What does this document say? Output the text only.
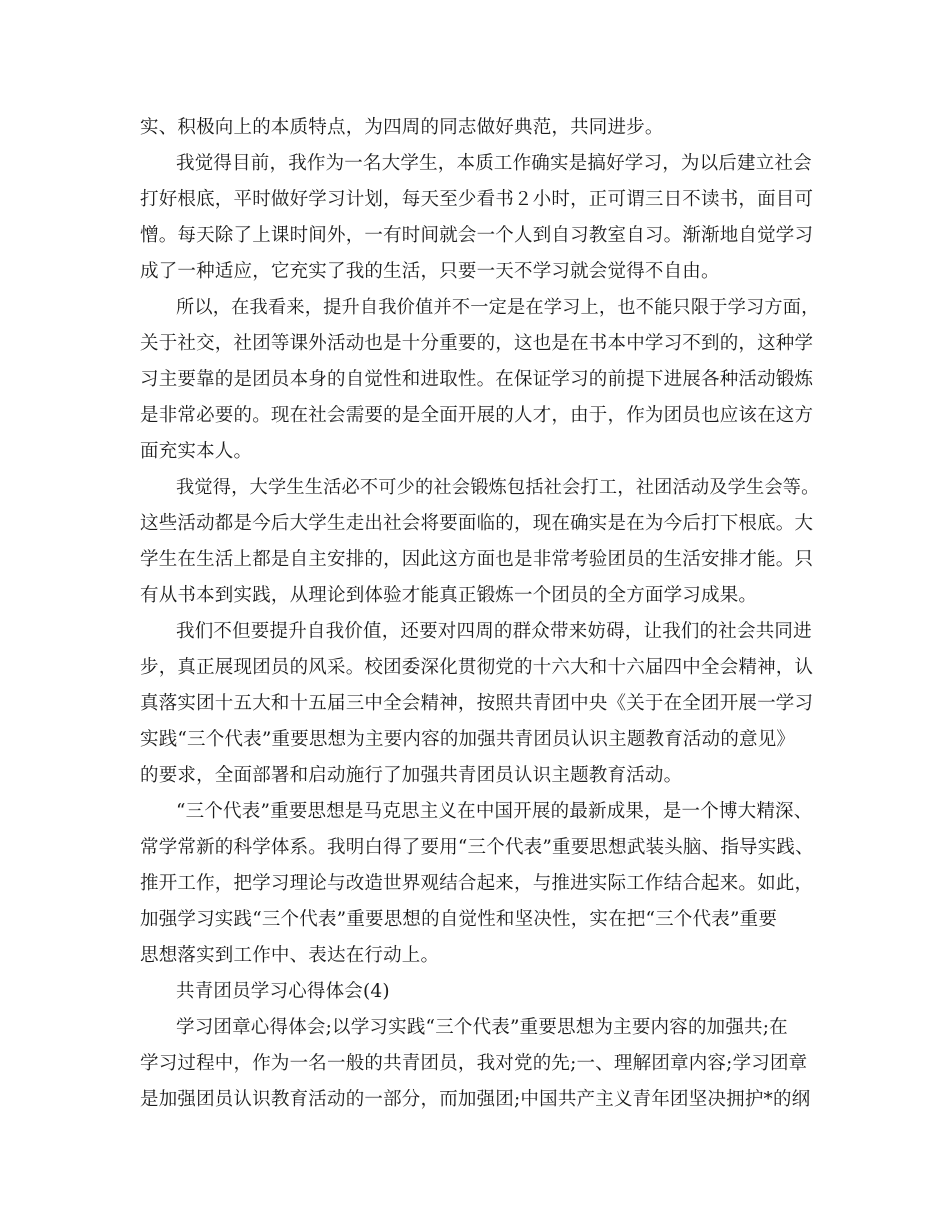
实、积极向上的本质特点，为四周的同志做好典范，共同进步。
我觉得目前，我作为一名大学生，本质工作确实是搞好学习，为以后建立社会
打好根底，平时做好学习计划，每天至少看书２小时，正可谓三日不读书，面目可
憎。每天除了上课时间外，一有时间就会一个人到自习教室自习。渐渐地自觉学习
成了一种适应，它充实了我的生活，只要一天不学习就会觉得不自由。
所以，在我看来，提升自我价值并不一定是在学习上，也不能只限于学习方面，
关于社交，社团等课外活动也是十分重要的，这也是在书本中学习不到的，这种学
习主要靠的是团员本身的自觉性和进取性。在保证学习的前提下进展各种活动锻炼
是非常必要的。现在社会需要的是全面开展的人才，由于，作为团员也应该在这方
面充实本人。
我觉得，大学生生活必不可少的社会锻炼包括社会打工，社团活动及学生会等。
这些活动都是今后大学生走出社会将要面临的，现在确实是在为今后打下根底。大
学生在生活上都是自主安排的，因此这方面也是非常考验团员的生活安排才能。只
有从书本到实践，从理论到体验才能真正锻炼一个团员的全方面学习成果。
我们不但要提升自我价值，还要对四周的群众带来妨碍，让我们的社会共同进
步，真正展现团员的风采。校团委深化贯彻党的十六大和十六届四中全会精神，认
真落实团十五大和十五届三中全会精神，按照共青团中央《关于在全团开展一学习
实践“三个代表”重要思想为主要内容的加强共青团员认识主题教育活动的意见》
的要求，全面部署和启动施行了加强共青团员认识主题教育活动。
“三个代表”重要思想是马克思主义在中国开展的最新成果，是一个博大精深、
常学常新的科学体系。我明白得了要用“三个代表”重要思想武装头脑、指导实践、
推开工作，把学习理论与改造世界观结合起来，与推进实际工作结合起来。如此，
加强学习实践“三个代表”重要思想的自觉性和坚决性，实在把“三个代表”重要
思想落实到工作中、表达在行动上。
共青团员学习心得体会(4)
学习团章心得体会;以学习实践“三个代表”重要思想为主要内容的加强共;在
学习过程中，作为一名一般的共青团员，我对党的先;一、理解团章内容;学习团章
是加强团员认识教育活动的一部分，而加强团;中国共产主义青年团坚决拥护*的纲
